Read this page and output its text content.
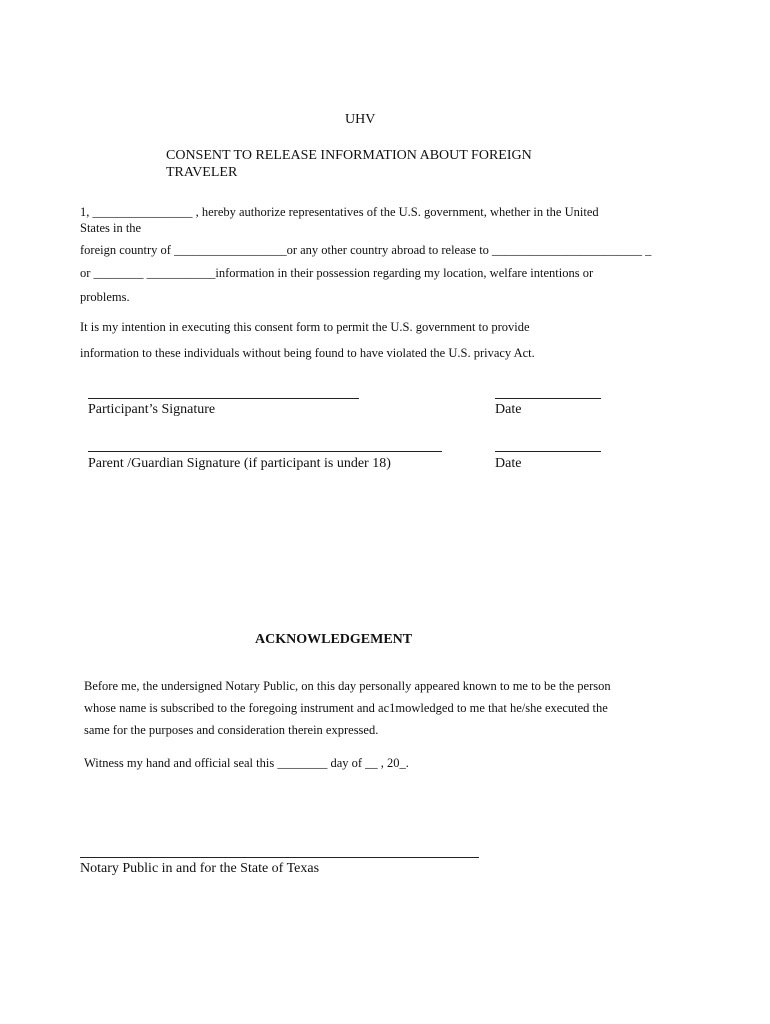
UHV
CONSENT TO RELEASE INFORMATION ABOUT FOREIGN
TRAVELER
1, ________________ , hereby authorize representatives of the U.S. government, whether in the United
States in the
foreign country of __________________or any other country abroad to release to ________________________ _
or ________ ___________information in their possession regarding my location, welfare intentions or
problems.
It is my intention in executing this consent form to permit the U.S. government to provide
information to these individuals without being found to have violated the U.S. privacy Act.
Participant’s Signature	Date
Parent /Guardian Signature (if participant is under 18)	Date
ACKNOWLEDGEMENT
Before me, the undersigned Notary Public, on this day personally appeared known to me to be the person
whose name is subscribed to the foregoing instrument and ac1mowledged to me that he/she executed the
same for the purposes and consideration therein expressed.
Witness my hand and official seal this ________ day of __ , 20_.
Notary Public in and for the State of Texas
